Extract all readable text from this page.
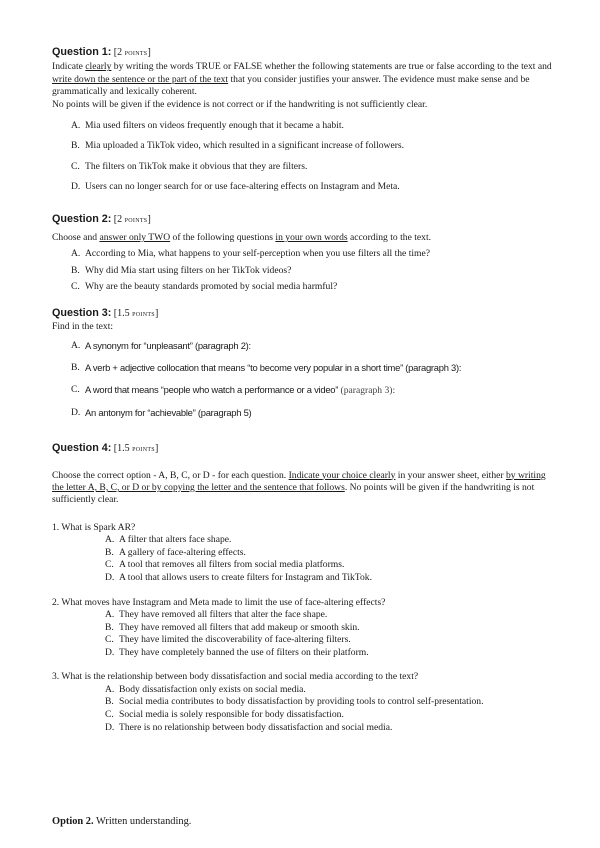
Question 1: [2 POINTS]
Indicate clearly by writing the words TRUE or FALSE whether the following statements are true or false according to the text and write down the sentence or the part of the text that you consider justifies your answer. The evidence must make sense and be grammatically and lexically coherent.
No points will be given if the evidence is not correct or if the handwriting is not sufficiently clear.
A. Mia used filters on videos frequently enough that it became a habit.
B. Mia uploaded a TikTok video, which resulted in a significant increase of followers.
C. The filters on TikTok make it obvious that they are filters.
D. Users can no longer search for or use face-altering effects on Instagram and Meta.
Question 2: [2 POINTS]
Choose and answer only TWO of the following questions in your own words according to the text.
A. According to Mia, what happens to your self-perception when you use filters all the time?
B. Why did Mia start using filters on her TikTok videos?
C. Why are the beauty standards promoted by social media harmful?
Question 3: [1.5 POINTS]
Find in the text:
A. A synonym for “unpleasant” (paragraph 2):
B. A verb + adjective collocation that means “to become very popular in a short time” (paragraph 3):
C. A word that means “people who watch a performance or a video” (paragraph 3):
D. An antonym for “achievable” (paragraph 5)
Question 4: [1.5 POINTS]
Choose the correct option - A, B, C, or D - for each question. Indicate your choice clearly in your answer sheet, either by writing the letter A, B, C, or D or by copying the letter and the sentence that follows. No points will be given if the handwriting is not sufficiently clear.
1. What is Spark AR?
A. A filter that alters face shape.
B. A gallery of face-altering effects.
C. A tool that removes all filters from social media platforms.
D. A tool that allows users to create filters for Instagram and TikTok.
2. What moves have Instagram and Meta made to limit the use of face-altering effects?
A. They have removed all filters that alter the face shape.
B. They have removed all filters that add makeup or smooth skin.
C. They have limited the discoverability of face-altering filters.
D. They have completely banned the use of filters on their platform.
3. What is the relationship between body dissatisfaction and social media according to the text?
A. Body dissatisfaction only exists on social media.
B. Social media contributes to body dissatisfaction by providing tools to control self-presentation.
C. Social media is solely responsible for body dissatisfaction.
D. There is no relationship between body dissatisfaction and social media.
Option 2. Written understanding.
